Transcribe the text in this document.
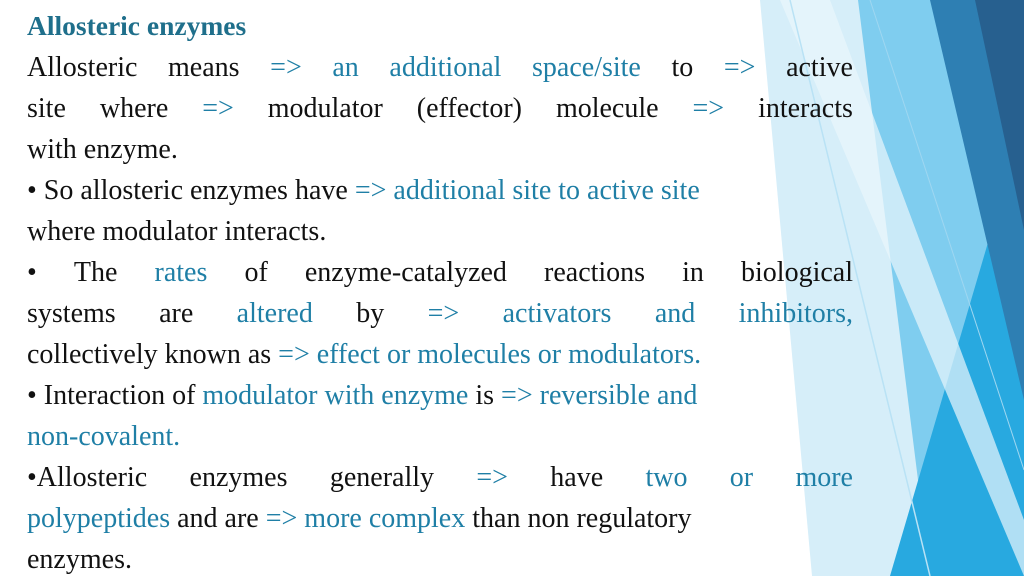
Allosteric enzymes
Allosteric means => an additional space/site to => active
site where => modulator (effector) molecule => interacts
with enzyme.
• So allosteric enzymes have => additional site to active site
where modulator interacts.
• The rates of enzyme-catalyzed reactions in biological
systems are altered by => activators and inhibitors,
collectively known as => effect or molecules or modulators.
• Interaction of modulator with enzyme is => reversible and
non-covalent.
•Allosteric enzymes generally => have two or more
polypeptides and are => more complex than non regulatory
enzymes.
